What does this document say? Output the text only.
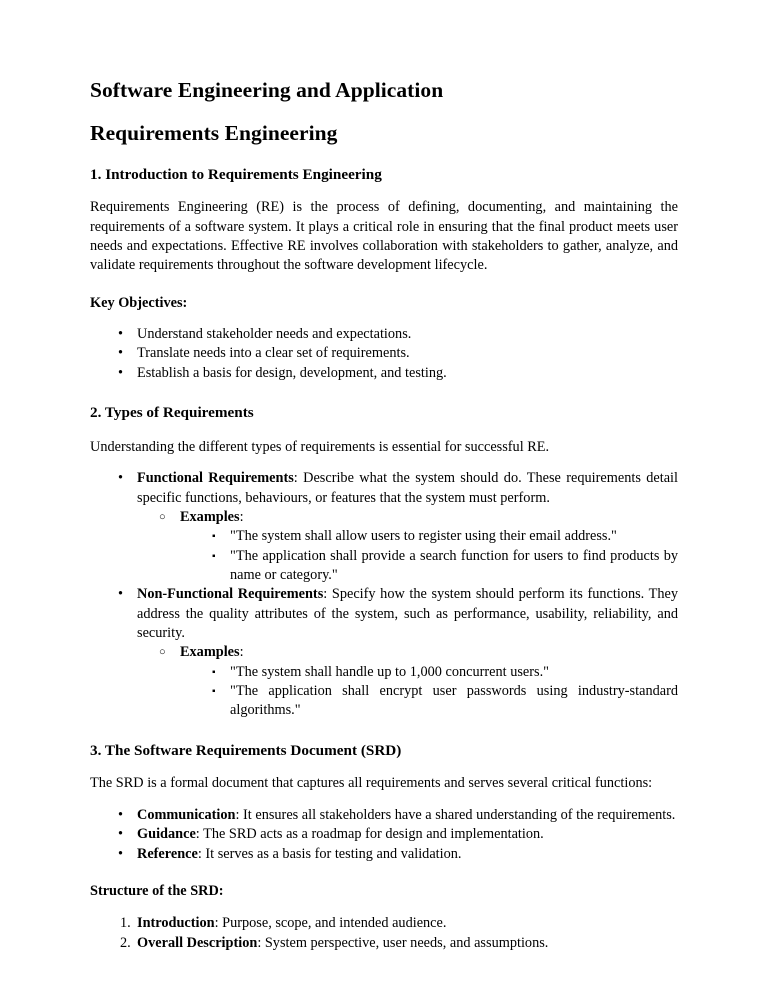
Software Engineering and Application
Requirements Engineering
1. Introduction to Requirements Engineering

Requirements Engineering (RE) is the process of defining, documenting, and maintaining the requirements of a software system. It plays a critical role in ensuring that the final product meets user needs and expectations. Effective RE involves collaboration with stakeholders to gather, analyze, and validate requirements throughout the software development lifecycle.

Key Objectives:

• Understand stakeholder needs and expectations.
• Translate needs into a clear set of requirements.
• Establish a basis for design, development, and testing.
2. Types of Requirements

Understanding the different types of requirements is essential for successful RE.

• Functional Requirements: Describe what the system should do. These requirements detail specific functions, behaviours, or features that the system must perform.
○ Examples:
▪ "The system shall allow users to register using their email address."
▪ "The application shall provide a search function for users to find products by name or category."
• Non-Functional Requirements: Specify how the system should perform its functions. They address the quality attributes of the system, such as performance, usability, reliability, and security.
○ Examples:
▪ "The system shall handle up to 1,000 concurrent users."
▪ "The application shall encrypt user passwords using industry-standard algorithms."
3. The Software Requirements Document (SRD)

The SRD is a formal document that captures all requirements and serves several critical functions:

• Communication: It ensures all stakeholders have a shared understanding of the requirements.
• Guidance: The SRD acts as a roadmap for design and implementation.
• Reference: It serves as a basis for testing and validation.

Structure of the SRD:

Introduction: Purpose, scope, and intended audience.
Overall Description: System perspective, user needs, and assumptions.
